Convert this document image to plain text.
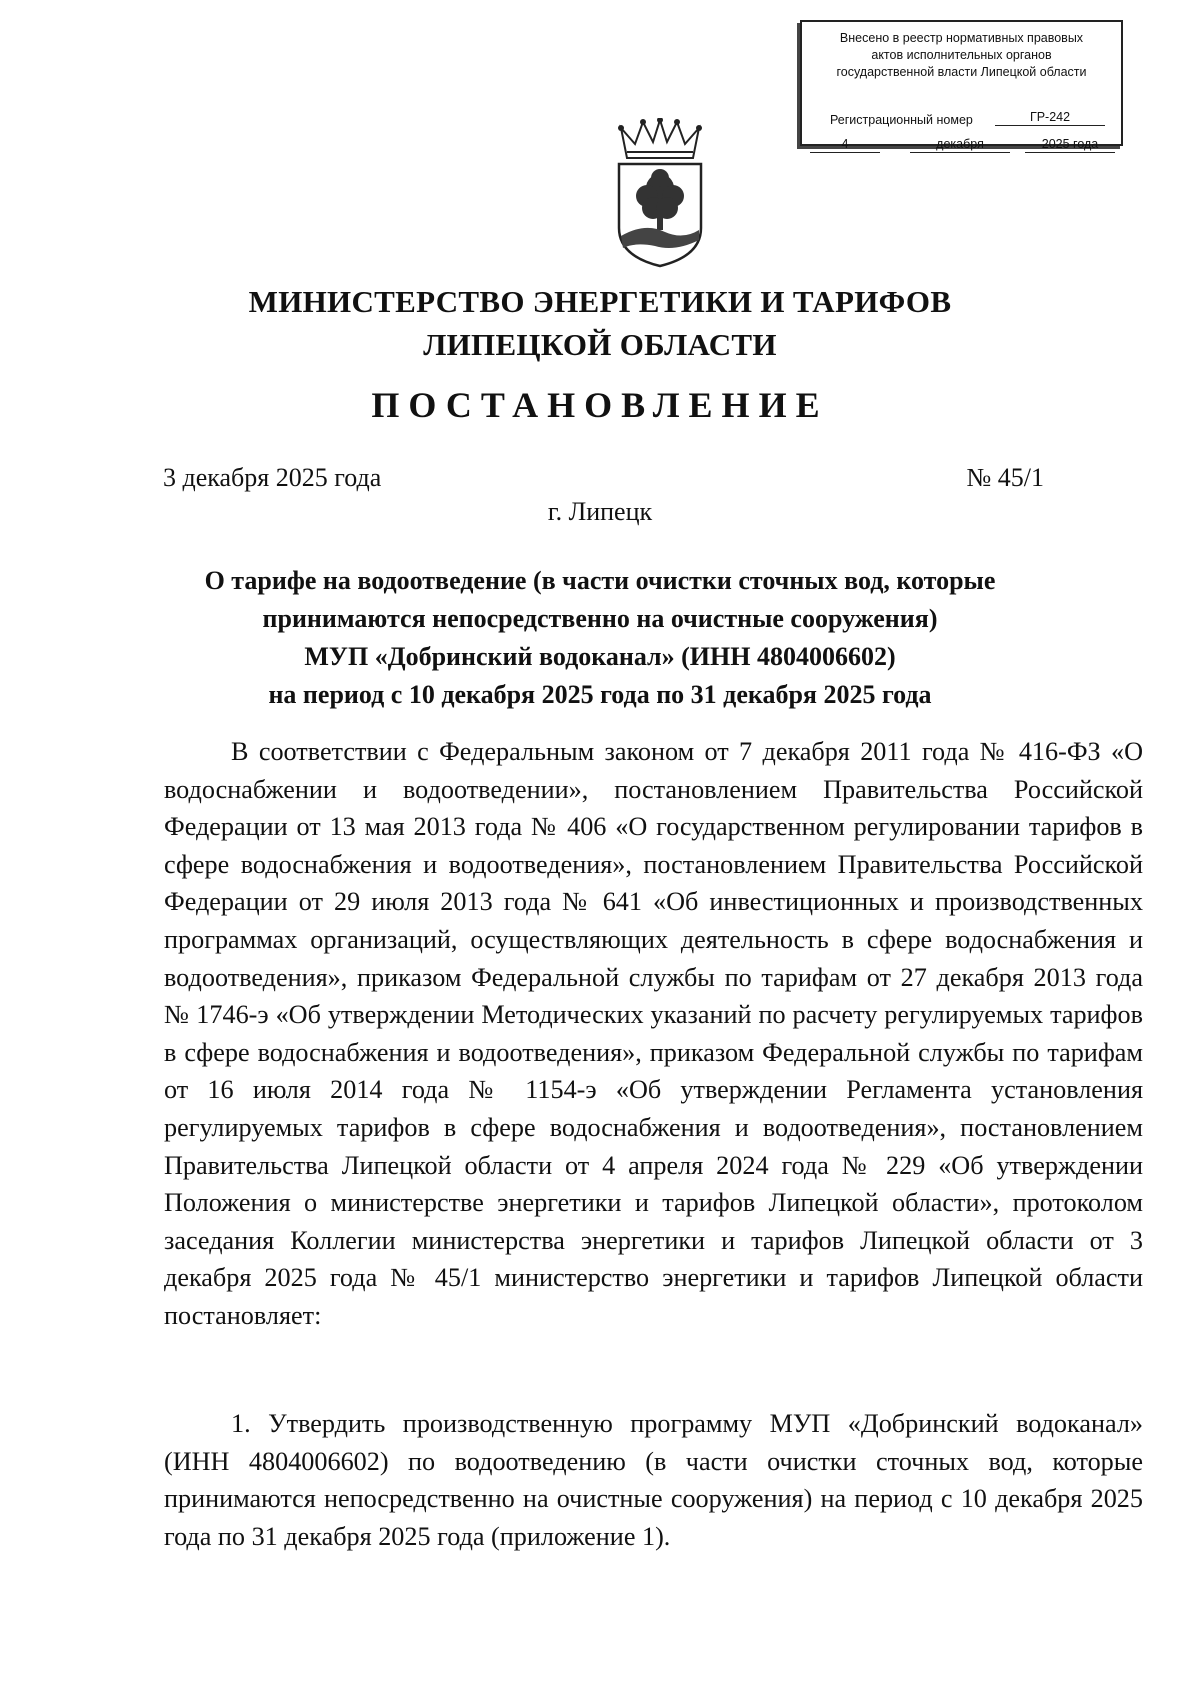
Внесено в реестр нормативных правовых
актов исполнительных органов
государственной власти Липецкой области
Регистрационный номер	ГР-242
4	декабря	2025 года
МИНИСТЕРСТВО ЭНЕРГЕТИКИ И ТАРИФОВ
ЛИПЕЦКОЙ ОБЛАСТИ
ПОСТАНОВЛЕНИЕ
3 декабря 2025 года	№ 45/1
г. Липецк
О тарифе на водоотведение (в части очистки сточных вод, которые
принимаются непосредственно на очистные сооружения)
МУП «Добринский водоканал» (ИНН 4804006602)
на период с 10 декабря 2025 года по 31 декабря 2025 года
В соответствии с Федеральным законом от 7 декабря 2011 года № 416-ФЗ «О водоснабжении и водоотведении», постановлением Правительства Российской Федерации от 13 мая 2013 года № 406 «О государственном регулировании тарифов в сфере водоснабжения и водоотведения», постановлением Правительства Российской Федерации от 29 июля 2013 года № 641 «Об инвестиционных и производственных программах организаций, осуществляющих деятельность в сфере водоснабжения и водоотведения», приказом Федеральной службы по тарифам от 27 декабря 2013 года № 1746-э «Об утверждении Методических указаний по расчету регулируемых тарифов в сфере водоснабжения и водоотведения», приказом Федеральной службы по тарифам от 16 июля 2014 года № 1154-э «Об утверждении Регламента установления регулируемых тарифов в сфере водоснабжения и водоотведения», постановлением Правительства Липецкой области от 4 апреля 2024 года № 229 «Об утверждении Положения о министерстве энергетики и тарифов Липецкой области», протоколом заседания Коллегии министерства энергетики и тарифов Липецкой области от 3 декабря 2025 года № 45/1 министерство энергетики и тарифов Липецкой области постановляет:
1. Утвердить производственную программу МУП «Добринский водоканал» (ИНН 4804006602) по водоотведению (в части очистки сточных вод, которые принимаются непосредственно на очистные сооружения) на период с 10 декабря 2025 года по 31 декабря 2025 года (приложение 1).
